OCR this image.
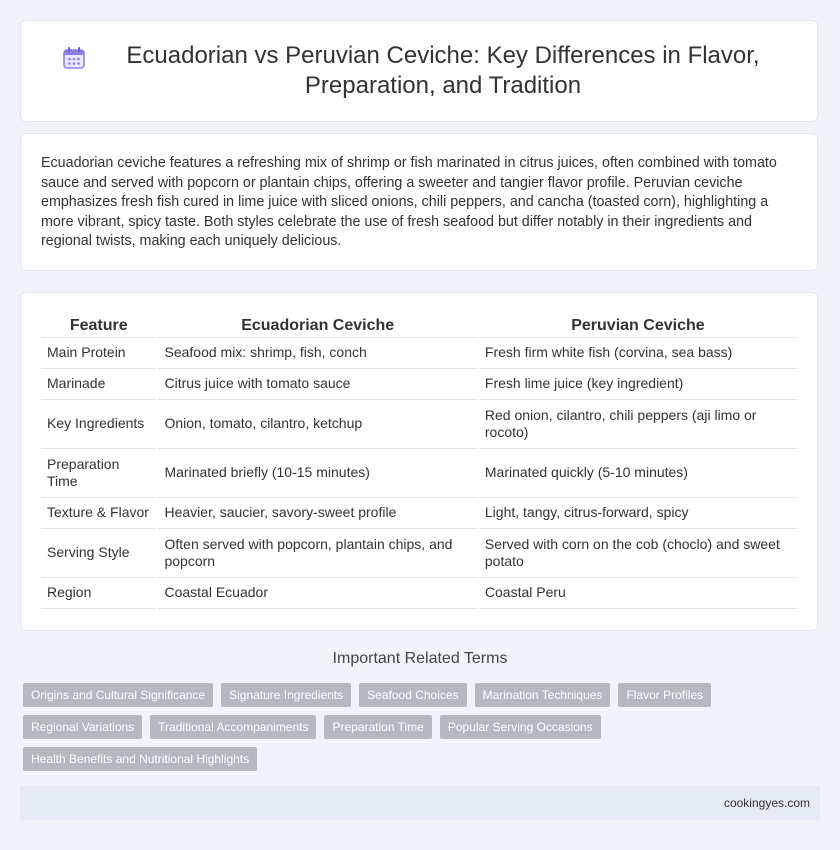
Ecuadorian vs Peruvian Ceviche: Key Differences in Flavor, Preparation, and Tradition

Ecuadorian ceviche features a refreshing mix of shrimp or fish marinated in citrus juices, often combined with tomato sauce and served with popcorn or plantain chips, offering a sweeter and tangier flavor profile. Peruvian ceviche emphasizes fresh fish cured in lime juice with sliced onions, chili peppers, and cancha (toasted corn), highlighting a more vibrant, spicy taste. Both styles celebrate the use of fresh seafood but differ notably in their ingredients and regional twists, making each uniquely delicious.

Feature	Ecuadorian Ceviche	Peruvian Ceviche
Main Protein	Seafood mix: shrimp, fish, conch	Fresh firm white fish (corvina, sea bass)
Marinade	Citrus juice with tomato sauce	Fresh lime juice (key ingredient)
Key Ingredients	Onion, tomato, cilantro, ketchup	Red onion, cilantro, chili peppers (aji limo or rocoto)
Preparation Time	Marinated briefly (10-15 minutes)	Marinated quickly (5-10 minutes)
Texture & Flavor	Heavier, saucier, savory-sweet profile	Light, tangy, citrus-forward, spicy
Serving Style	Often served with popcorn, plantain chips, and popcorn	Served with corn on the cob (choclo) and sweet potato
Region	Coastal Ecuador	Coastal Peru
Important Related Terms
Origins and Cultural Significance	Signature Ingredients	Seafood Choices	Marination Techniques	Flavor Profiles
Regional Variations	Traditional Accompaniments	Preparation Time	Popular Serving Occasions
Health Benefits and Nutritional Highlights
cookingyes.com
